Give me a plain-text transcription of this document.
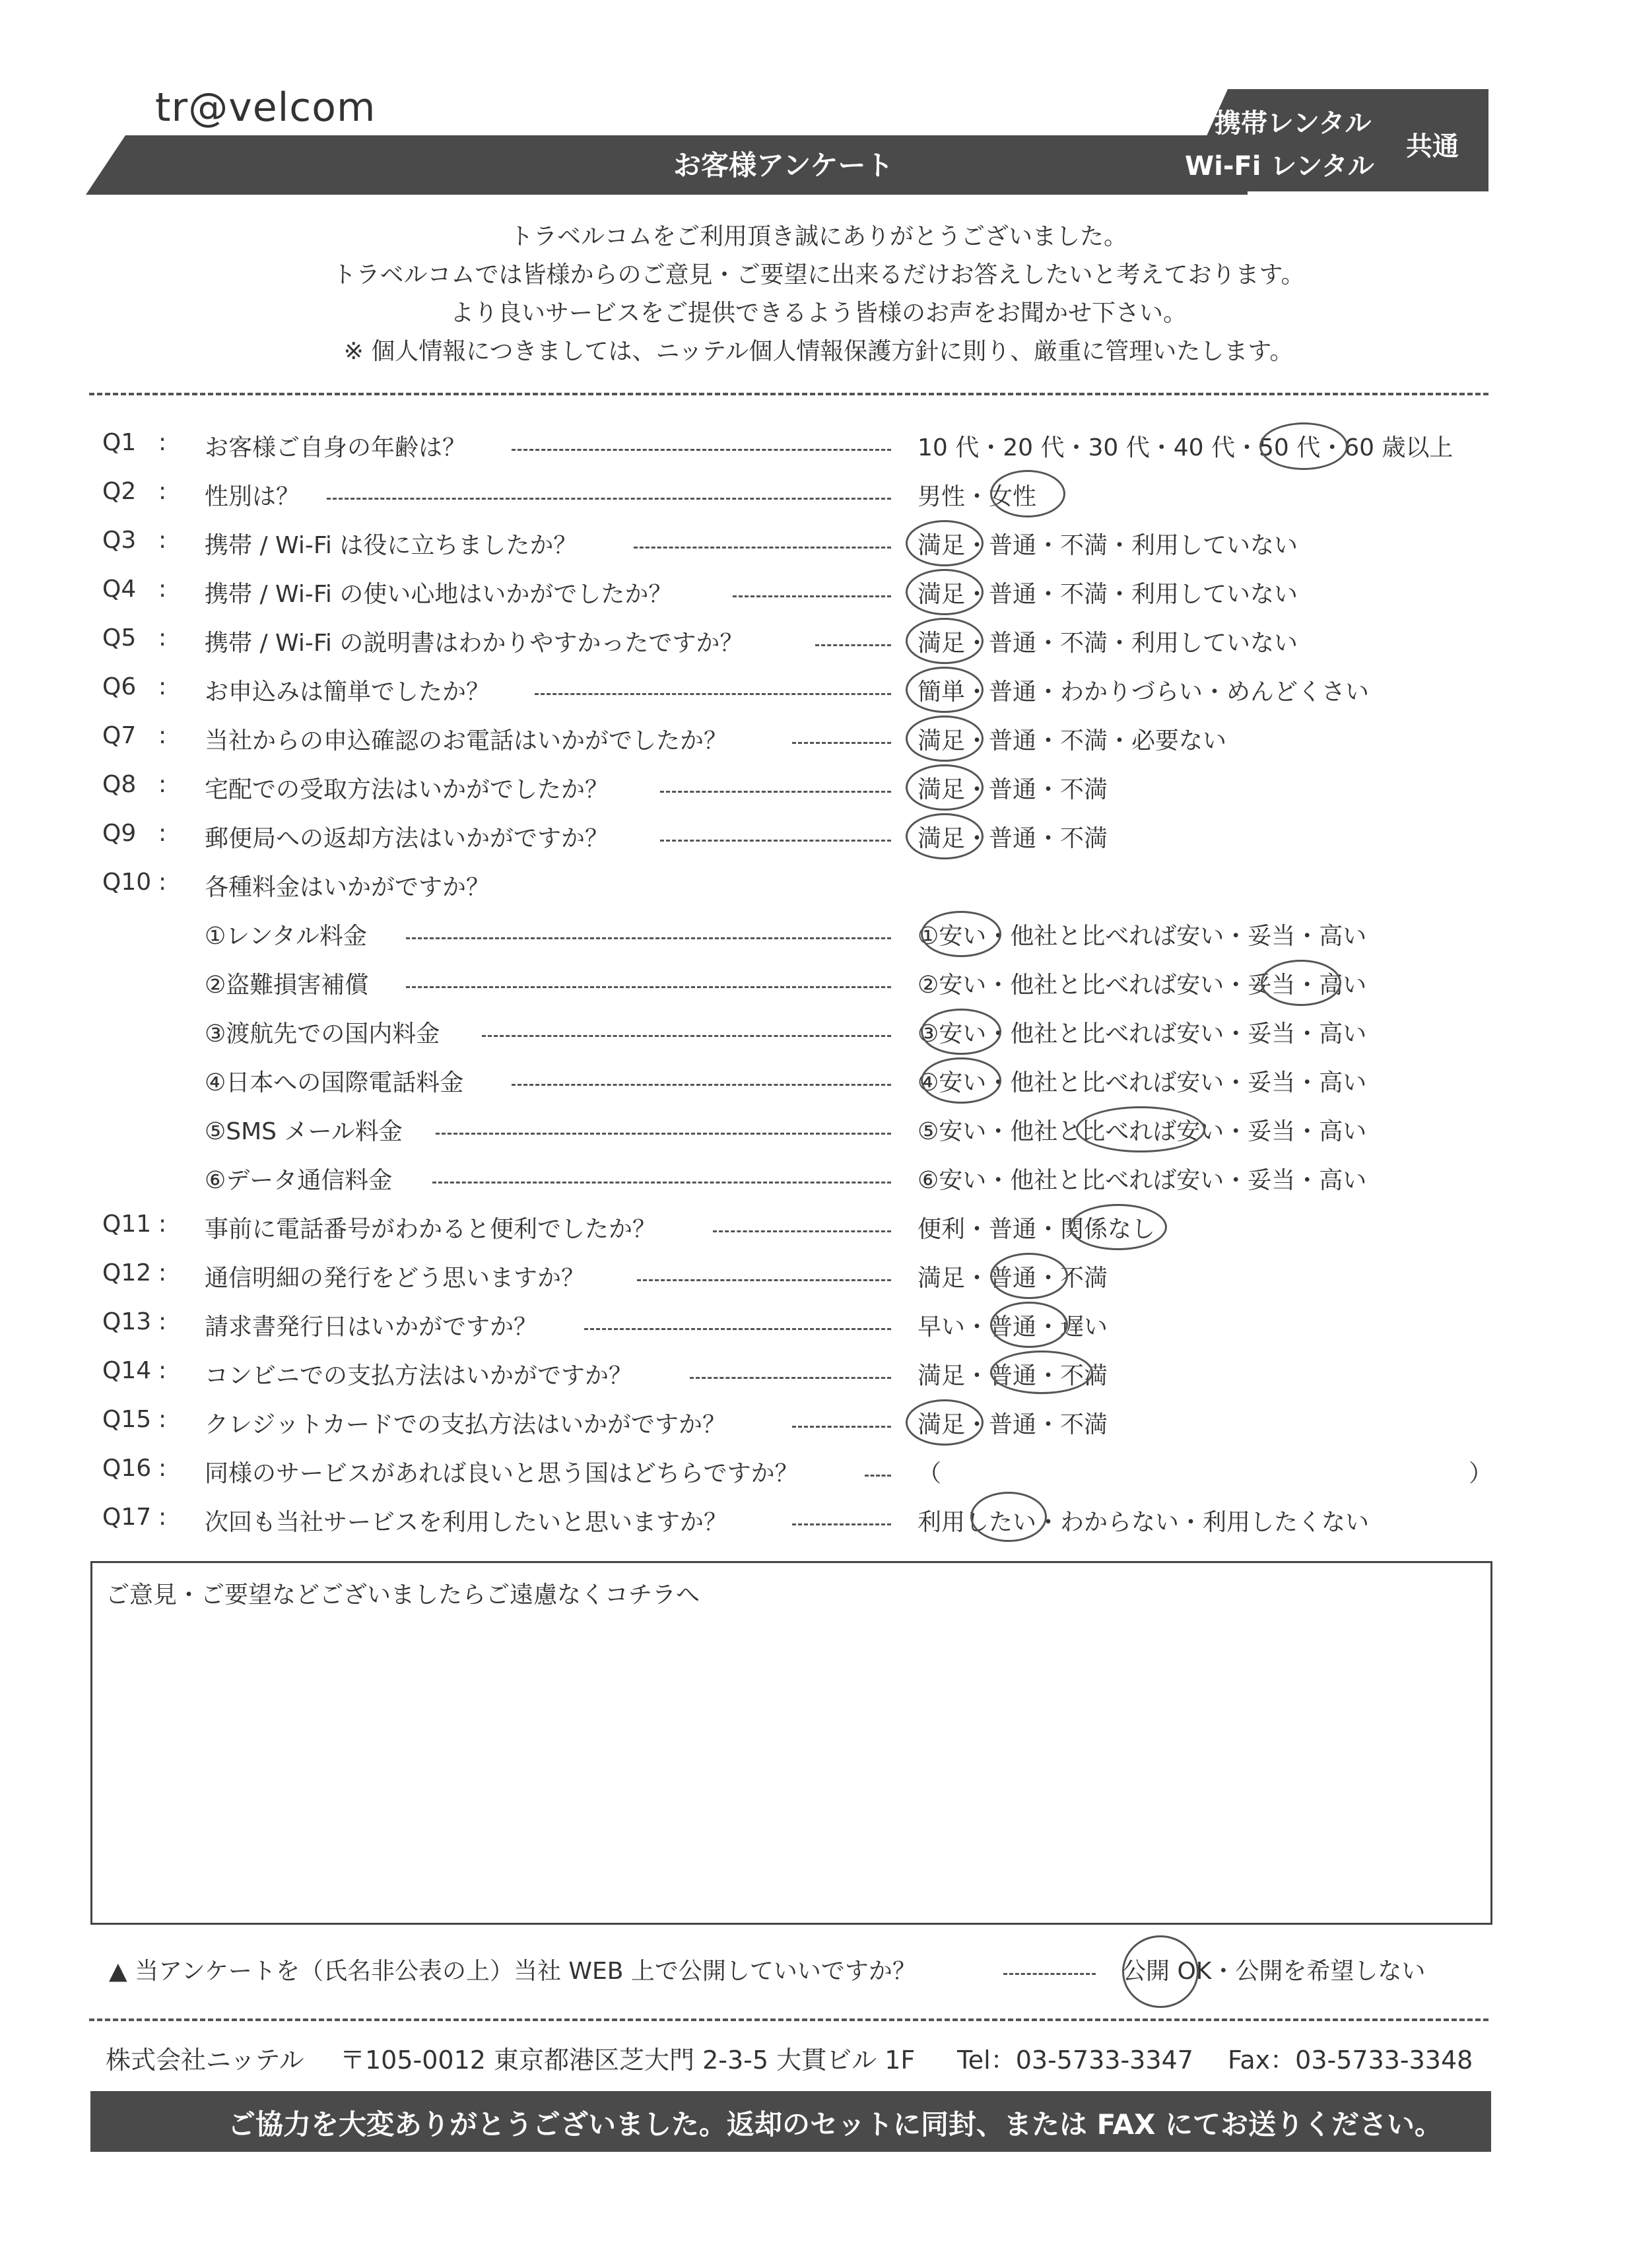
tr@velcom
お客様アンケート
携帯レンタル
Wi-Fi レンタル
共通
トラベルコムをご利用頂き誠にありがとうございました。
トラベルコムでは皆様からのご意見・ご要望に出来るだけお答えしたいと考えております。
より良いサービスをご提供できるよう皆様のお声をお聞かせ下さい。
※ 個人情報につきましては、ニッテル個人情報保護方針に則り、厳重に管理いたします。
Q1 : お客様ご自身の年齢は？	10 代・20 代・30 代・40 代・50 代・60 歳以上
Q2 : 性別は？	男性・女性
Q3 : 携帯 / Wi-Fi は役に立ちましたか？	満足・普通・不満・利用していない
Q4 : 携帯 / Wi-Fi の使い心地はいかがでしたか？	満足・普通・不満・利用していない
Q5 : 携帯 / Wi-Fi の説明書はわかりやすかったですか？	満足・普通・不満・利用していない
Q6 : お申込みは簡単でしたか？	簡単・普通・わかりづらい・めんどくさい
Q7 : 当社からの申込確認のお電話はいかがでしたか？	満足・普通・不満・必要ない
Q8 : 宅配での受取方法はいかがでしたか？	満足・普通・不満
Q9 : 郵便局への返却方法はいかがですか？	満足・普通・不満
Q10 : 各種料金はいかがですか？
①レンタル料金	①安い・他社と比べれば安い・妥当・高い
②盗難損害補償	②安い・他社と比べれば安い・妥当・高い
③渡航先での国内料金	③安い・他社と比べれば安い・妥当・高い
④日本への国際電話料金	④安い・他社と比べれば安い・妥当・高い
⑤SMS メール料金	⑤安い・他社と比べれば安い・妥当・高い
⑥データ通信料金	⑥安い・他社と比べれば安い・妥当・高い
Q11 : 事前に電話番号がわかると便利でしたか？	便利・普通・関係なし
Q12 : 通信明細の発行をどう思いますか？	満足・普通・不満
Q13 : 請求書発行日はいかがですか？	早い・普通・遅い
Q14 : コンビニでの支払方法はいかがですか？	満足・普通・不満
Q15 : クレジットカードでの支払方法はいかがですか？	満足・普通・不満
Q16 : 同様のサービスがあれば良いと思う国はどちらですか？	（	）
Q17 : 次回も当社サービスを利用したいと思いますか？	利用したい・わからない・利用したくない
ご意見・ご要望などございましたらご遠慮なくコチラへ
▲ 当アンケートを（氏名非公表の上）当社 WEB 上で公開していいですか？	公開 OK・公開を希望しない
株式会社ニッテル 〒105-0012 東京都港区芝大門 2-3-5 大貫ビル 1F Tel：03-5733-3347 Fax：03-5733-3348
ご協力を大変ありがとうございました。返却のセットに同封、または FAX にてお送りください。
